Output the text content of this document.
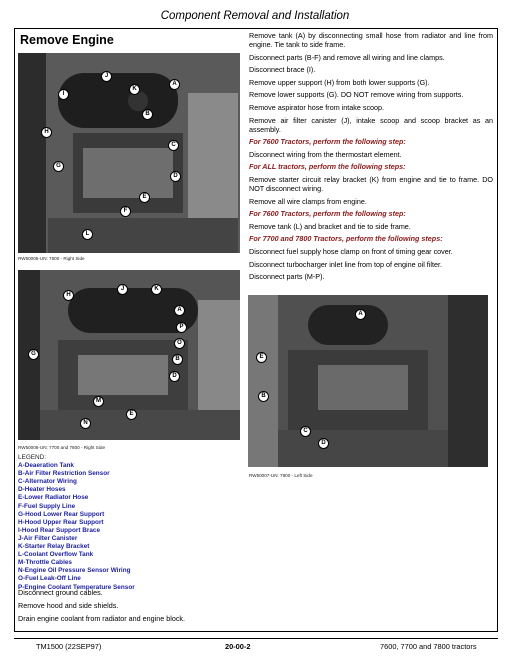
Component Removal and Installation
Remove Engine
RW50005-UN: 7600 - Right Side
J
K
A
I
B
H
C
G
D
E
F
L
RW50006-UN: 7700 and 7800 - Right Side
H
J	K
A
P
O
G
B
D
M
E
N
RW50007-UN: 7800 - Left Side
A
E
B
C
D
LEGEND:
A-Deaeration Tank
B-Air Filter Restriction Sensor
C-Alternator Wiring
D-Heater Hoses
E-Lower Radiator Hose
F-Fuel Supply Line
G-Hood Lower Rear Support
H-Hood Upper Rear Support
I-Hood Rear Support Brace
J-Air Filter Canister
K-Starter Relay Bracket
L-Coolant Overflow Tank
M-Throttle Cables
N-Engine Oil Pressure Sensor Wiring
O-Fuel Leak-Off Line
P-Engine Coolant Temperature Sensor
Disconnect ground cables.
Remove hood and side shields.
Drain engine coolant from radiator and engine block.

Remove tank (A) by disconnecting small hose from radiator and line from engine. Tie tank to side frame.

Disconnect parts (B-F) and remove all wiring and line clamps.

Disconnect brace (I).

Remove upper support (H) from both lower supports (G).

Remove lower supports (G). DO NOT remove wiring from supports.

Remove aspirator hose from intake scoop.

Remove air filter canister (J), intake scoop and scoop bracket as an assembly.

For 7600 Tractors, perform the following step:

Disconnect wiring from the thermostart element.

For ALL tractors, perform the following steps:

Remove starter circuit relay bracket (K) from engine and tie to frame. DO NOT disconnect wiring.

Remove all wire clamps from engine.

For 7600 Tractors, perform the following step:

Remove tank (L) and bracket and tie to side frame.

For 7700 and 7800 Tractors, perform the following steps:

Disconnect fuel supply hose clamp on front of timing gear cover.

Disconnect turbocharger inlet line from top of engine oil filter.

Disconnect parts (M-P).

TM1500 (22SEP97)	20-00-2	7600, 7700 and 7800 tractors
